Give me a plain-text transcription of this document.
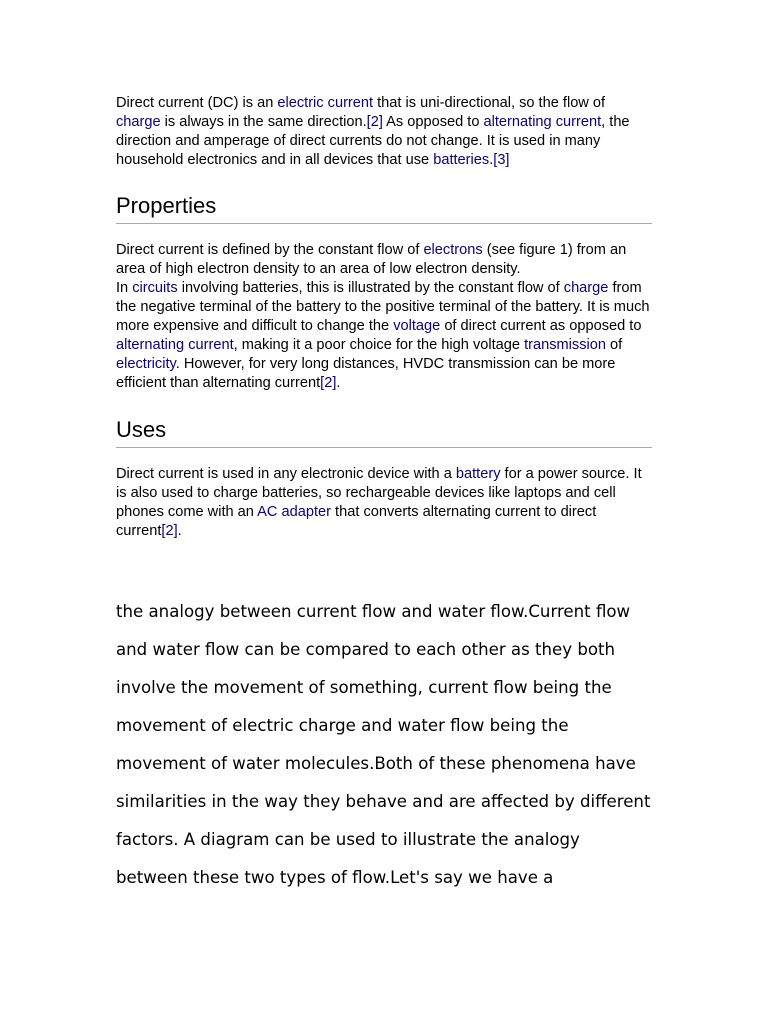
Direct current (DC) is an electric current that is uni-directional, so the flow of charge is always in the same direction.[2] As opposed to alternating current, the direction and amperage of direct currents do not change. It is used in many household electronics and in all devices that use batteries.[3]

Properties

Direct current is defined by the constant flow of electrons (see figure 1) from an area of high electron density to an area of low electron density.
In circuits involving batteries, this is illustrated by the constant flow of charge from the negative terminal of the battery to the positive terminal of the battery. It is much more expensive and difficult to change the voltage of direct current as opposed to alternating current, making it a poor choice for the high voltage transmission of electricity. However, for very long distances, HVDC transmission can be more efficient than alternating current[2].

Uses

Direct current is used in any electronic device with a battery for a power source. It is also used to charge batteries, so rechargeable devices like laptops and cell phones come with an AC adapter that converts alternating current to direct current[2].

the analogy between current flow and water flow.Current flow and water flow can be compared to each other as they both involve the movement of something, current flow being the movement of electric charge and water flow being the movement of water molecules.Both of these phenomena have similarities in the way they behave and are affected by different factors. A diagram can be used to illustrate the analogy between these two types of flow.Let's say we have a
